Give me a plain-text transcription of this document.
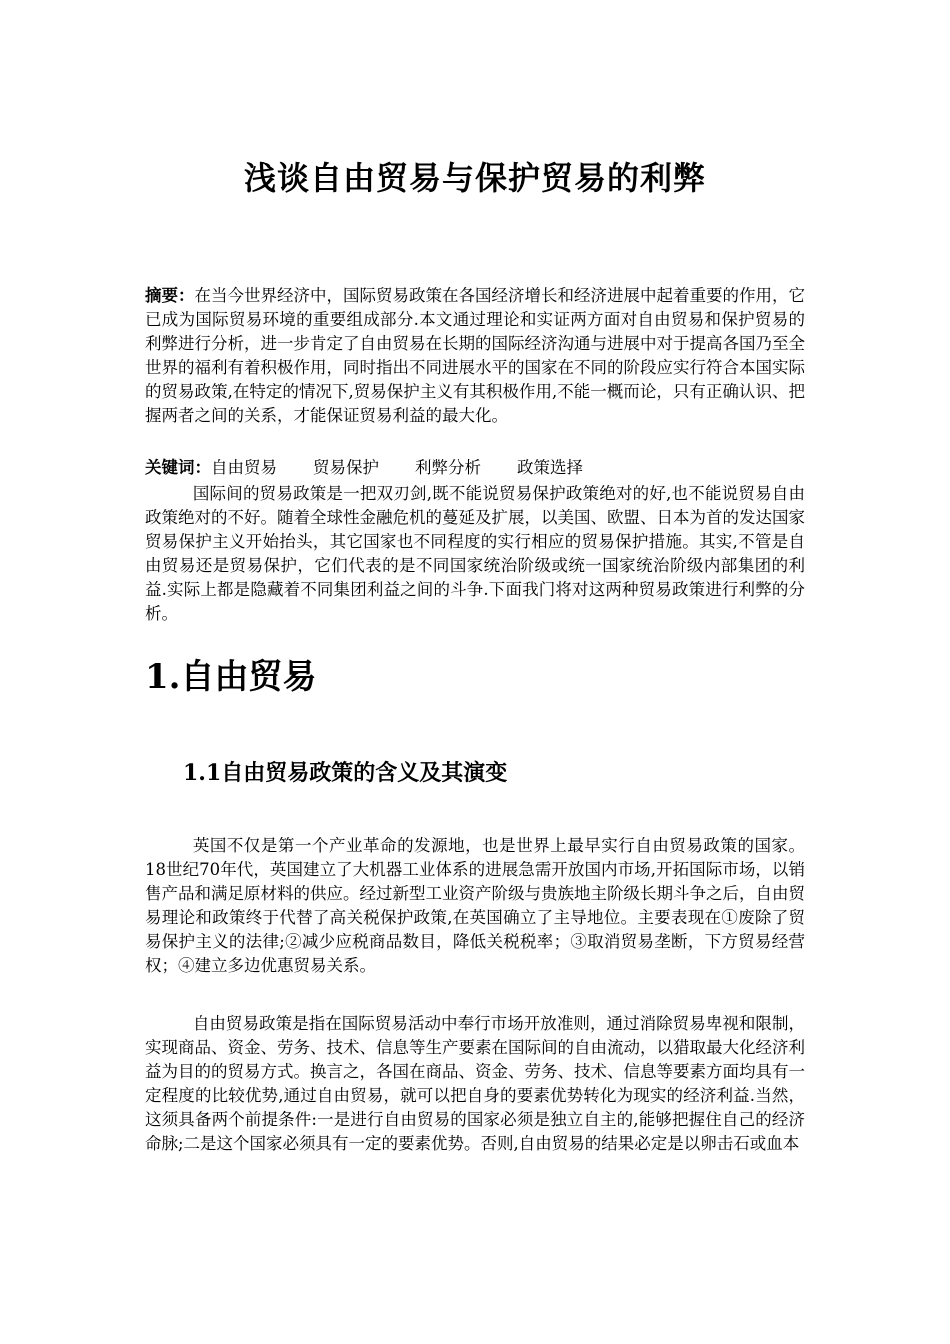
浅谈自由贸易与保护贸易的利弊
摘要：在当今世界经济中，国际贸易政策在各国经济增长和经济进展中起着重要的作用，它已成为国际贸易环境的重要组成部分.本文通过理论和实证两方面对自由贸易和保护贸易的利弊进行分析，进一步肯定了自由贸易在长期的国际经济沟通与进展中对于提高各国乃至全世界的福利有着积极作用，同时指出不同进展水平的国家在不同的阶段应实行符合本国实际的贸易政策,在特定的情况下,贸易保护主义有其积极作用,不能一概而论，只有正确认识、把握两者之间的关系，才能保证贸易利益的最大化。
关键词：自由贸易 贸易保护 利弊分析 政策选择
国际间的贸易政策是一把双刃剑,既不能说贸易保护政策绝对的好,也不能说贸易自由政策绝对的不好。随着全球性金融危机的蔓延及扩展，以美国、欧盟、日本为首的发达国家贸易保护主义开始抬头，其它国家也不同程度的实行相应的贸易保护措施。其实,不管是自由贸易还是贸易保护，它们代表的是不同国家统治阶级或统一国家统治阶级内部集团的利益.实际上都是隐藏着不同集团利益之间的斗争.下面我门将对这两种贸易政策进行利弊的分析。
1.自由贸易
1.1自由贸易政策的含义及其演变
英国不仅是第一个产业革命的发源地，也是世界上最早实行自由贸易政策的国家。18世纪70年代，英国建立了大机器工业体系的进展急需开放国内市场,开拓国际市场，以销售产品和满足原材料的供应。经过新型工业资产阶级与贵族地主阶级长期斗争之后，自由贸易理论和政策终于代替了高关税保护政策,在英国确立了主导地位。主要表现在①废除了贸易保护主义的法律;②减少应税商品数目，降低关税税率；③取消贸易垄断，下方贸易经营权；④建立多边优惠贸易关系。
自由贸易政策是指在国际贸易活动中奉行市场开放准则，通过消除贸易卑视和限制，实现商品、资金、劳务、技术、信息等生产要素在国际间的自由流动，以猎取最大化经济利益为目的的贸易方式。换言之，各国在商品、资金、劳务、技术、信息等要素方面均具有一定程度的比较优势,通过自由贸易，就可以把自身的要素优势转化为现实的经济利益.当然，这须具备两个前提条件:一是进行自由贸易的国家必须是独立自主的,能够把握住自己的经济命脉;二是这个国家必须具有一定的要素优势。否则,自由贸易的结果必定是以卵击石或血本
